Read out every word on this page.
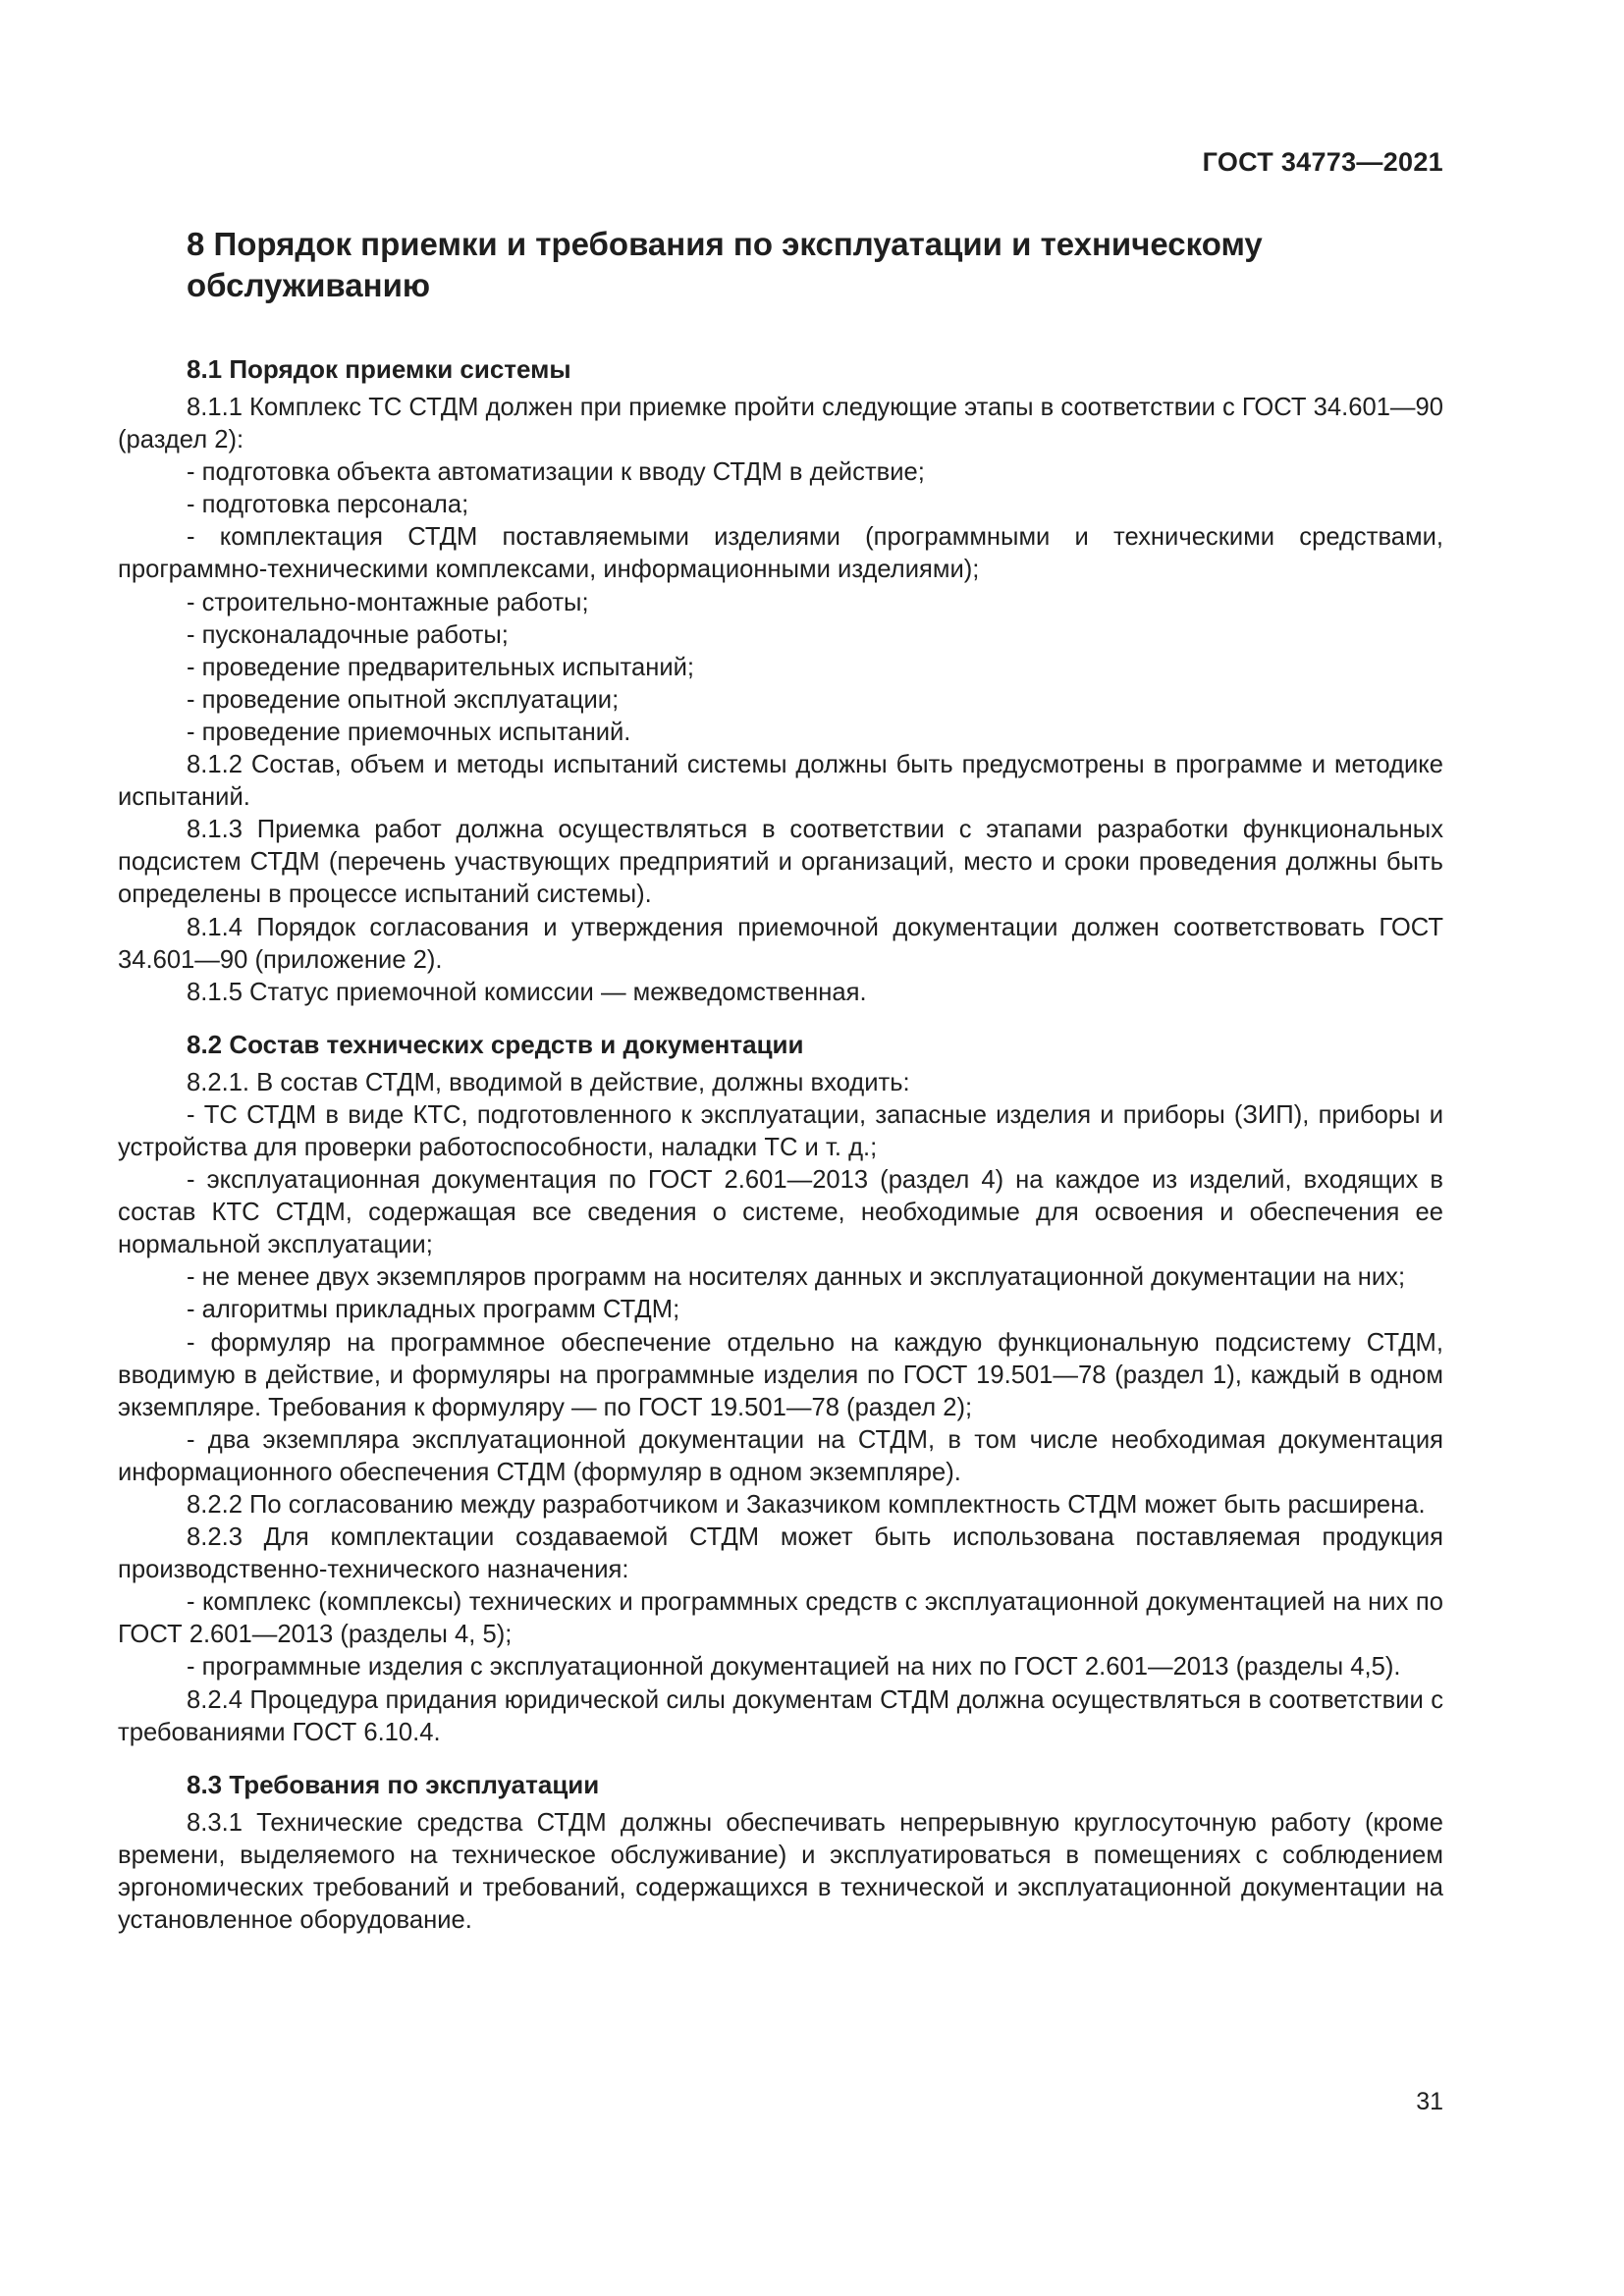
ГОСТ 34773—2021
8 Порядок приемки и требования по эксплуатации и техническому обслуживанию
8.1 Порядок приемки системы

8.1.1 Комплекс ТС СТДМ должен при приемке пройти следующие этапы в соответствии с ГОСТ 34.601—90 (раздел 2):

- подготовка объекта автоматизации к вводу СТДМ в действие;

- подготовка персонала;

- комплектация СТДМ поставляемыми изделиями (программными и техническими средствами, программно-техническими комплексами, информационными изделиями);

- строительно-монтажные работы;

- пусконаладочные работы;

- проведение предварительных испытаний;

- проведение опытной эксплуатации;

- проведение приемочных испытаний.

8.1.2 Состав, объем и методы испытаний системы должны быть предусмотрены в программе и методике испытаний.

8.1.3 Приемка работ должна осуществляться в соответствии с этапами разработки функциональных подсистем СТДМ (перечень участвующих предприятий и организаций, место и сроки проведения должны быть определены в процессе испытаний системы).

8.1.4 Порядок согласования и утверждения приемочной документации должен соответствовать ГОСТ 34.601—90 (приложение 2).

8.1.5 Статус приемочной комиссии — межведомственная.

8.2 Состав технических средств и документации

8.2.1. В состав СТДМ, вводимой в действие, должны входить:

- ТС СТДМ в виде КТС, подготовленного к эксплуатации, запасные изделия и приборы (ЗИП), приборы и устройства для проверки работоспособности, наладки ТС и т. д.;

- эксплуатационная документация по ГОСТ 2.601—2013 (раздел 4) на каждое из изделий, входящих в состав КТС СТДМ, содержащая все сведения о системе, необходимые для освоения и обеспечения ее нормальной эксплуатации;

- не менее двух экземпляров программ на носителях данных и эксплуатационной документации на них;

- алгоритмы прикладных программ СТДМ;

- формуляр на программное обеспечение отдельно на каждую функциональную подсистему СТДМ, вводимую в действие, и формуляры на программные изделия по ГОСТ 19.501—78 (раздел 1), каждый в одном экземпляре. Требования к формуляру — по ГОСТ 19.501—78 (раздел 2);

- два экземпляра эксплуатационной документации на СТДМ, в том числе необходимая документация информационного обеспечения СТДМ (формуляр в одном экземпляре).

8.2.2 По согласованию между разработчиком и Заказчиком комплектность СТДМ может быть расширена.

8.2.3 Для комплектации создаваемой СТДМ может быть использована поставляемая продукция производственно-технического назначения:

- комплекс (комплексы) технических и программных средств с эксплуатационной документацией на них по ГОСТ 2.601—2013 (разделы 4, 5);

- программные изделия с эксплуатационной документацией на них по ГОСТ 2.601—2013 (разделы 4,5).

8.2.4 Процедура придания юридической силы документам СТДМ должна осуществляться в соответствии с требованиями ГОСТ 6.10.4.

8.3 Требования по эксплуатации

8.3.1 Технические средства СТДМ должны обеспечивать непрерывную круглосуточную работу (кроме времени, выделяемого на техническое обслуживание) и эксплуатироваться в помещениях с соблюдением эргономических требований и требований, содержащихся в технической и эксплуатационной документации на установленное оборудование.

31
